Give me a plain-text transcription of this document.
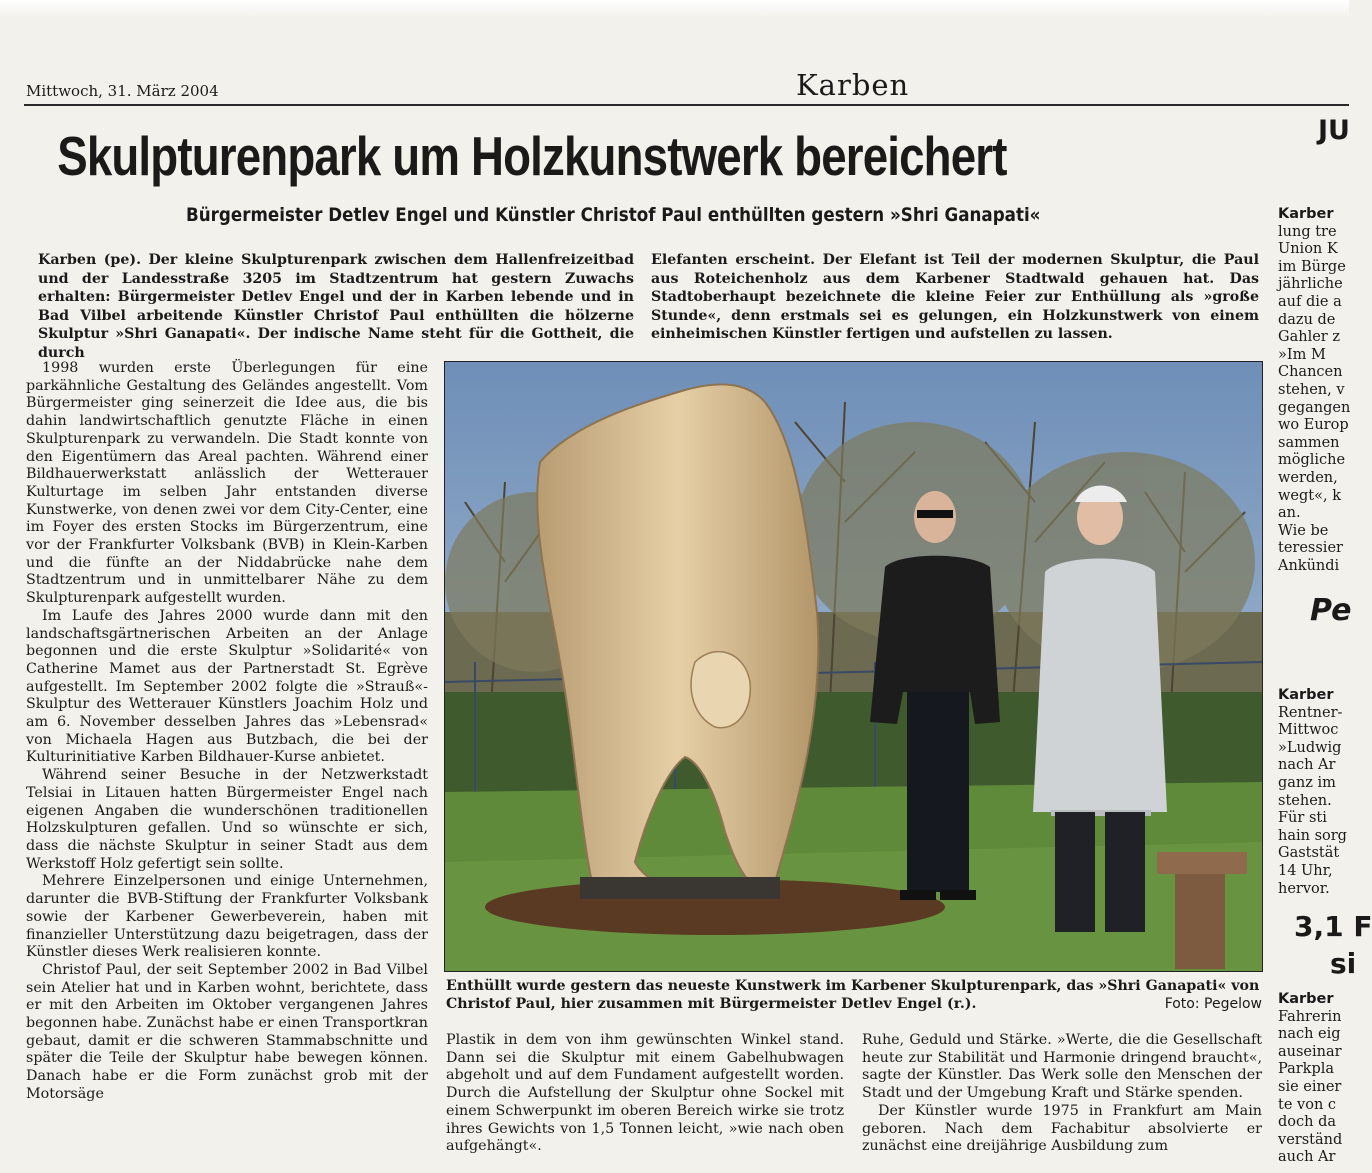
Mittwoch, 31. März 2004	Karben
Skulpturenpark um Holzkunstwerk bereichert
Bürgermeister Detlev Engel und Künstler Christof Paul enthüllten gestern »Shri Ganapati«
Karben (pe). Der kleine Skulpturenpark zwischen dem Hallenfreizeitbad und der Landesstraße 3205 im Stadtzentrum hat gestern Zuwachs erhalten: Bürgermeister Detlev Engel und der in Karben lebende und in Bad Vilbel arbeitende Künstler Christof Paul enthüllten die hölzerne Skulptur »Shri Ganapati«. Der indische Name steht für die Gottheit, die durch
Elefanten erscheint. Der Elefant ist Teil der modernen Skulptur, die Paul aus Roteichenholz aus dem Karbener Stadtwald gehauen hat. Das Stadtoberhaupt bezeichnete die kleine Feier zur Enthüllung als »große Stunde«, denn erstmals sei es gelungen, ein Holzkunstwerk von einem einheimischen Künstler fertigen und aufstellen zu lassen.

1998 wurden erste Überlegungen für eine parkähnliche Gestaltung des Geländes angestellt. Vom Bürgermeister ging seinerzeit die Idee aus, die bis dahin landwirtschaftlich genutzte Fläche in einen Skulpturenpark zu verwandeln. Die Stadt konnte von den Eigentümern das Areal pachten. Während einer Bildhauerwerkstatt anlässlich der Wetterauer Kulturtage im selben Jahr entstanden diverse Kunstwerke, von denen zwei vor dem City-Center, eine im Foyer des ersten Stocks im Bürgerzentrum, eine vor der Frankfurter Volksbank (BVB) in Klein-Karben und die fünfte an der Niddabrücke nahe dem Stadtzentrum und in unmittelbarer Nähe zu dem Skulpturenpark aufgestellt wurden.

Im Laufe des Jahres 2000 wurde dann mit den landschaftsgärtnerischen Arbeiten an der Anlage begonnen und die erste Skulptur »Solidarité« von Catherine Mamet aus der Partnerstadt St. Egrève aufgestellt. Im September 2002 folgte die »Strauß«-Skulptur des Wetterauer Künstlers Joachim Holz und am 6. November desselben Jahres das »Lebensrad« von Michaela Hagen aus Butzbach, die bei der Kulturinitiative Karben Bildhauer-Kurse anbietet.

Während seiner Besuche in der Netzwerkstadt Telsiai in Litauen hatten Bürgermeister Engel nach eigenen Angaben die wunderschönen traditionellen Holzskulpturen gefallen. Und so wünschte er sich, dass die nächste Skulptur in seiner Stadt aus dem Werkstoff Holz gefertigt sein sollte.

Mehrere Einzelpersonen und einige Unternehmen, darunter die BVB-Stiftung der Frankfurter Volksbank sowie der Karbener Gewerbeverein, haben mit finanzieller Unterstützung dazu beigetragen, dass der Künstler dieses Werk realisieren konnte.

Christof Paul, der seit September 2002 in Bad Vilbel sein Atelier hat und in Karben wohnt, berichtete, dass er mit den Arbeiten im Oktober vergangenen Jahres begonnen habe. Zunächst habe er einen Transportkran gebaut, damit er die schweren Stammabschnitte und später die Teile der Skulptur habe bewegen können. Danach habe er die Form zunächst grob mit der Motorsäge

Enthüllt wurde gestern das neueste Kunstwerk im Karbener Skulpturenpark, das »Shri Ganapati« von Christof Paul, hier zusammen mit Bürgermeister Detlev Engel (r.).	Foto: Pegelow

Plastik in dem von ihm gewünschten Winkel stand. Dann sei die Skulptur mit einem Gabelhubwagen abgeholt und auf dem Fundament aufgestellt worden. Durch die Aufstellung der Skulptur ohne Sockel mit einem Schwerpunkt im oberen Bereich wirke sie trotz ihres Gewichts von 1,5 Tonnen leicht, »wie nach oben aufgehängt«.

Ruhe, Geduld und Stärke. »Werte, die die Gesellschaft heute zur Stabilität und Harmonie dringend braucht«, sagte der Künstler. Das Werk solle den Menschen der Stadt und der Umgebung Kraft und Stärke spenden.

Der Künstler wurde 1975 in Frankfurt am Main geboren. Nach dem Fachabitur absolvierte er zunächst eine dreijährige Ausbildung zum

JU
Karber
lung tre
Union K
im Bürge
jährliche
auf die a
dazu de
Gahler z
»Im M
Chancen
stehen, v
gegangen
wo Europ
sammen
mögliche
werden,
wegt«, k
an.
Wie be
teressier
Ankündi
Pe
Karber
Rentner-
Mittwoc
»Ludwig
nach Ar
ganz im
stehen.
Für sti
hain sorg
Gaststät
14 Uhr,
hervor.
3,1 F
si
Karber
Fahrerin
nach eig
auseinar
Parkpla
sie einer
te von c
doch da
verständ
auch Ar
